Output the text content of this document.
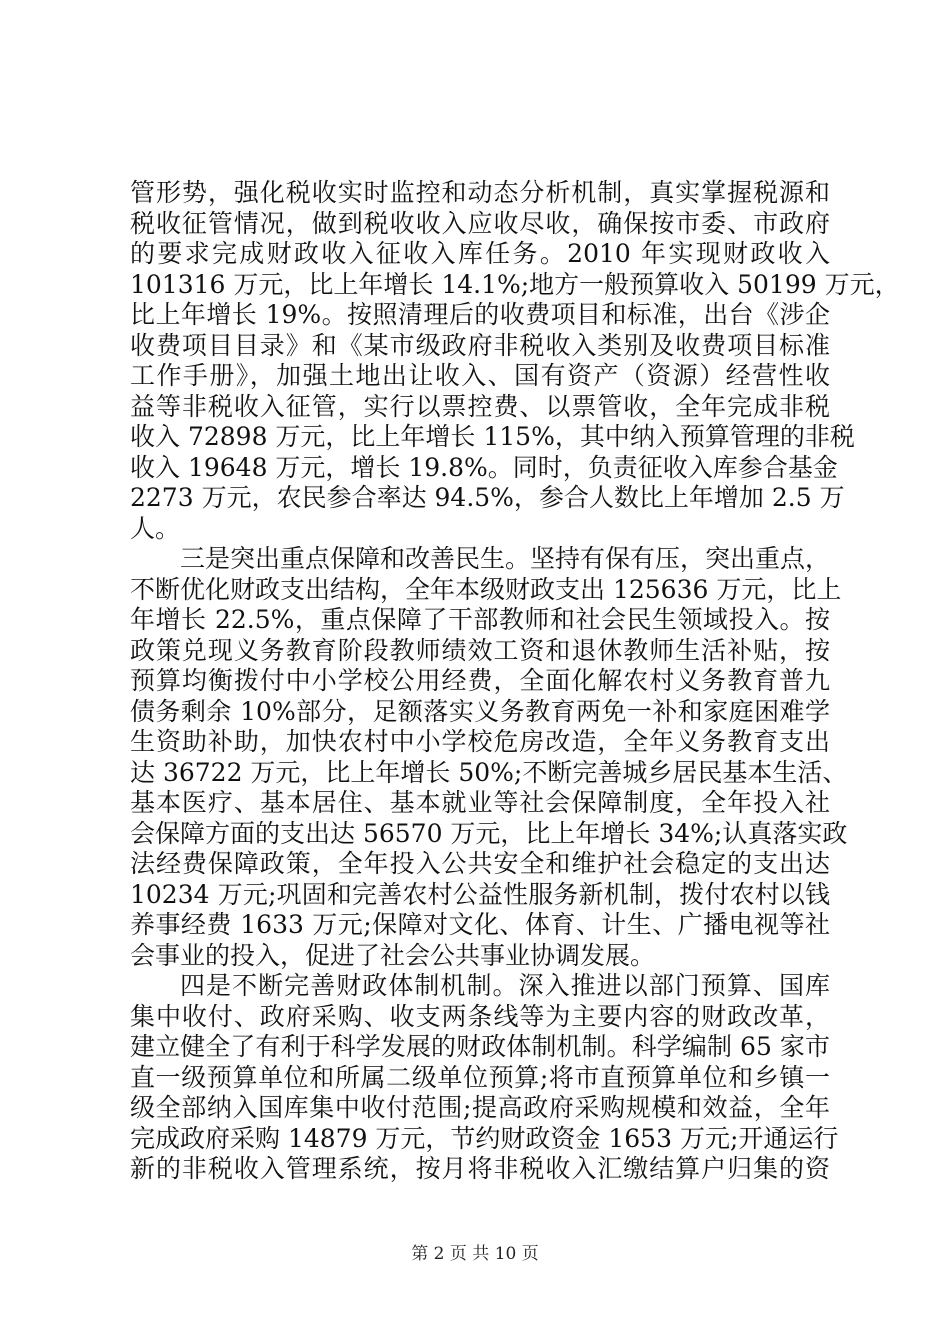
管形势，强化税收实时监控和动态分析机制，真实掌握税源和
税收征管情况，做到税收收入应收尽收，确保按市委、市政府
的要求完成财政收入征收入库任务。2010 年实现财政收入
101316 万元，比上年增长 14.1%;地方一般预算收入 50199 万元，
比上年增长 19%。按照清理后的收费项目和标准，出台《涉企
收费项目目录》和《某市级政府非税收入类别及收费项目标准
工作手册》，加强土地出让收入、国有资产（资源）经营性收
益等非税收入征管，实行以票控费、以票管收，全年完成非税
收入 72898 万元，比上年增长 115%，其中纳入预算管理的非税
收入 19648 万元，增长 19.8%。同时，负责征收入库参合基金
2273 万元，农民参合率达 94.5%，参合人数比上年增加 2.5 万
人。
三是突出重点保障和改善民生。坚持有保有压，突出重点，
不断优化财政支出结构，全年本级财政支出 125636 万元，比上
年增长 22.5%，重点保障了干部教师和社会民生领域投入。按
政策兑现义务教育阶段教师绩效工资和退休教师生活补贴，按
预算均衡拨付中小学校公用经费，全面化解农村义务教育普九
债务剩余 10%部分，足额落实义务教育两免一补和家庭困难学
生资助补助，加快农村中小学校危房改造，全年义务教育支出
达 36722 万元，比上年增长 50%;不断完善城乡居民基本生活、
基本医疗、基本居住、基本就业等社会保障制度，全年投入社
会保障方面的支出达 56570 万元，比上年增长 34%;认真落实政
法经费保障政策，全年投入公共安全和维护社会稳定的支出达
10234 万元;巩固和完善农村公益性服务新机制，拨付农村以钱
养事经费 1633 万元;保障对文化、体育、计生、广播电视等社
会事业的投入，促进了社会公共事业协调发展。
四是不断完善财政体制机制。深入推进以部门预算、国库
集中收付、政府采购、收支两条线等为主要内容的财政改革，
建立健全了有利于科学发展的财政体制机制。科学编制 65 家市
直一级预算单位和所属二级单位预算;将市直预算单位和乡镇一
级全部纳入国库集中收付范围;提高政府采购规模和效益，全年
完成政府采购 14879 万元，节约财政资金 1653 万元;开通运行
新的非税收入管理系统，按月将非税收入汇缴结算户归集的资
第 2 页 共 10 页
